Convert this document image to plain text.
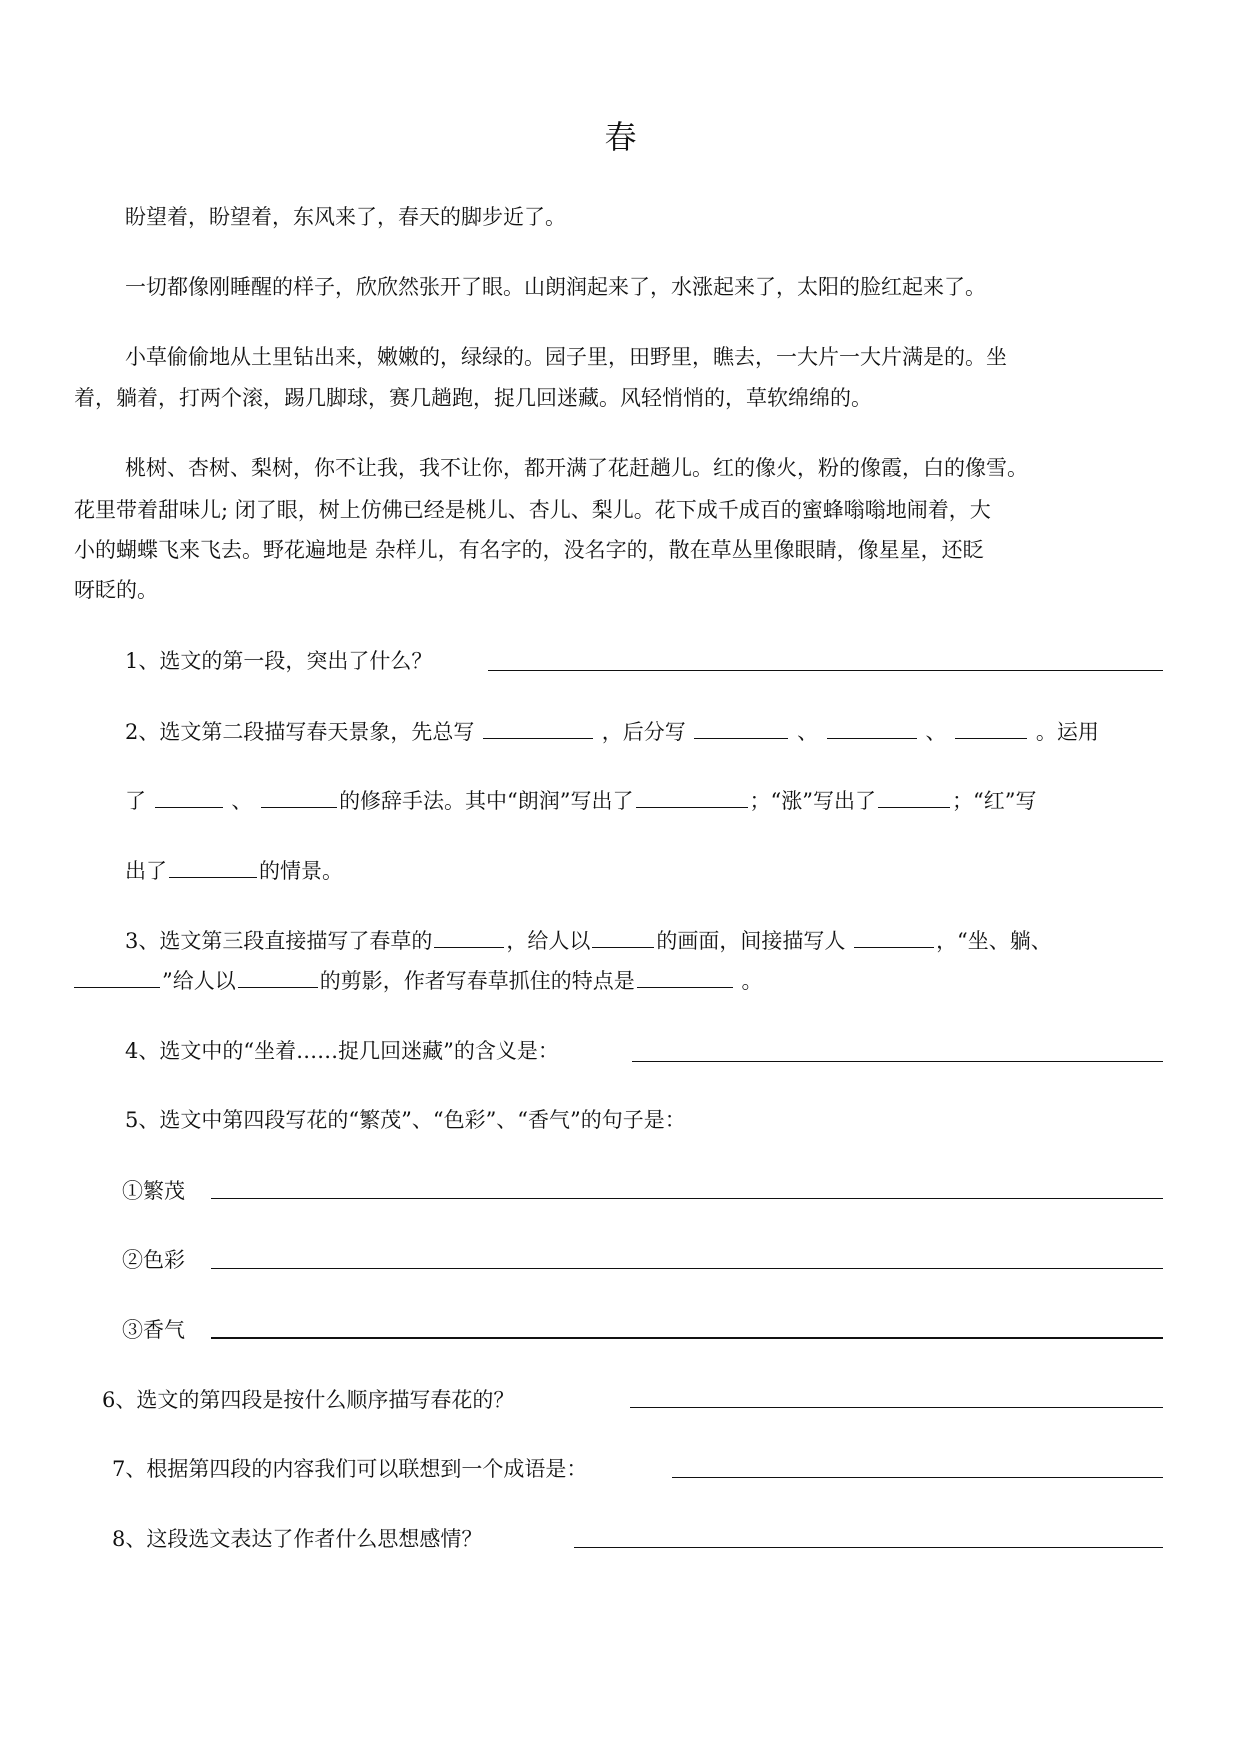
春
盼望着，盼望着，东风来了，春天的脚步近了。
一切都像刚睡醒的样子，欣欣然张开了眼。山朗润起来了，水涨起来了，太阳的脸红起来了。
小草偷偷地从土里钻出来，嫩嫩的，绿绿的。园子里，田野里，瞧去，一大片一大片满是的。坐
着，躺着，打两个滚，踢几脚球，赛几趟跑，捉几回迷藏。风轻悄悄的，草软绵绵的。
桃树、杏树、梨树，你不让我，我不让你，都开满了花赶趟儿。红的像火，粉的像霞，白的像雪。
花里带着甜味儿; 闭了眼，树上仿佛已经是桃儿、杏儿、梨儿。花下成千成百的蜜蜂嗡嗡地闹着，大
小的蝴蝶飞来飞去。野花遍地是 杂样儿，有名字的，没名字的，散在草丛里像眼睛，像星星，还眨
呀眨的。
1、选文的第一段，突出了什么？
2、选文第二段描写春天景象，先总写	，后分写	、	、	。运用
了	、	的修辞手法。其中“朗润”写出了	；“涨”写出了	；“红”写
出了	的情景。
3、选文第三段直接描写了春草的	，给人以	的画面，间接描写人	，“坐、躺、
”给人以	的剪影，作者写春草抓住的特点是	。
4、选文中的“坐着……捉几回迷藏”的含义是：
5、选文中第四段写花的“繁茂”、“色彩”、“香气”的句子是：
①繁茂
②色彩
③香气
6、选文的第四段是按什么顺序描写春花的？
7、根据第四段的内容我们可以联想到一个成语是：
8、这段选文表达了作者什么思想感情？
